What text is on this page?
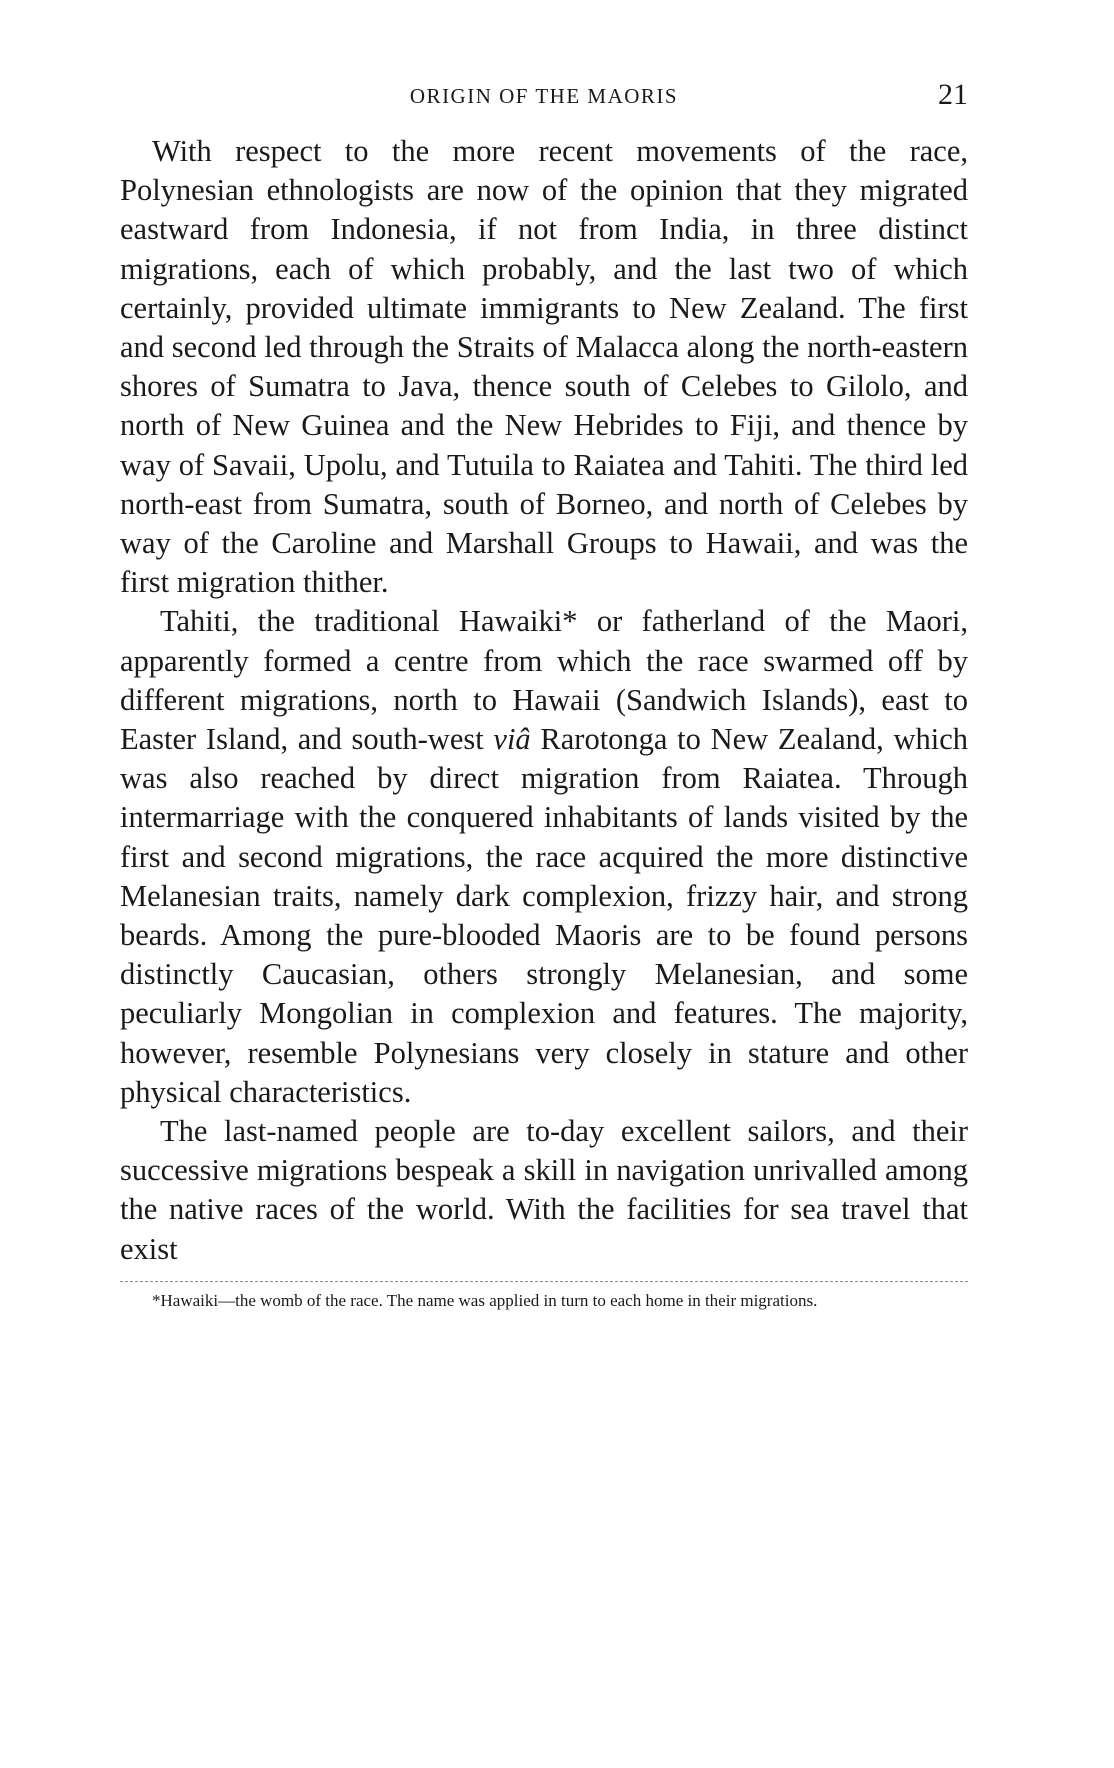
ORIGIN OF THE MAORIS	21

With respect to the more recent movements of the race, Polynesian ethnologists are now of the opinion that they migrated eastward from Indonesia, if not from India, in three distinct migrations, each of which probably, and the last two of which certainly, provided ultimate immigrants to New Zealand. The first and second led through the Straits of Malacca along the north-eastern shores of Sumatra to Java, thence south of Celebes to Gilolo, and north of New Guinea and the New Hebrides to Fiji, and thence by way of Savaii, Upolu, and Tutuila to Raiatea and Tahiti. The third led north-east from Sumatra, south of Borneo, and north of Celebes by way of the Caroline and Marshall Groups to Hawaii, and was the first migration thither.

Tahiti, the traditional Hawaiki* or fatherland of the Maori, apparently formed a centre from which the race swarmed off by different migrations, north to Hawaii (Sandwich Islands), east to Easter Island, and south-west viâ Rarotonga to New Zealand, which was also reached by direct migration from Raiatea. Through intermarriage with the conquered inhabitants of lands visited by the first and second migrations, the race acquired the more distinctive Melanesian traits, namely dark complexion, frizzy hair, and strong beards. Among the pure-blooded Maoris are to be found persons distinctly Caucasian, others strongly Melanesian, and some peculiarly Mongolian in complexion and features. The majority, however, resemble Polynesians very closely in stature and other physical characteristics.

The last-named people are to-day excellent sailors, and their successive migrations bespeak a skill in navigation unrivalled among the native races of the world. With the facilities for sea travel that exist

*Hawaiki—the womb of the race. The name was applied in turn to each home in their migrations.
